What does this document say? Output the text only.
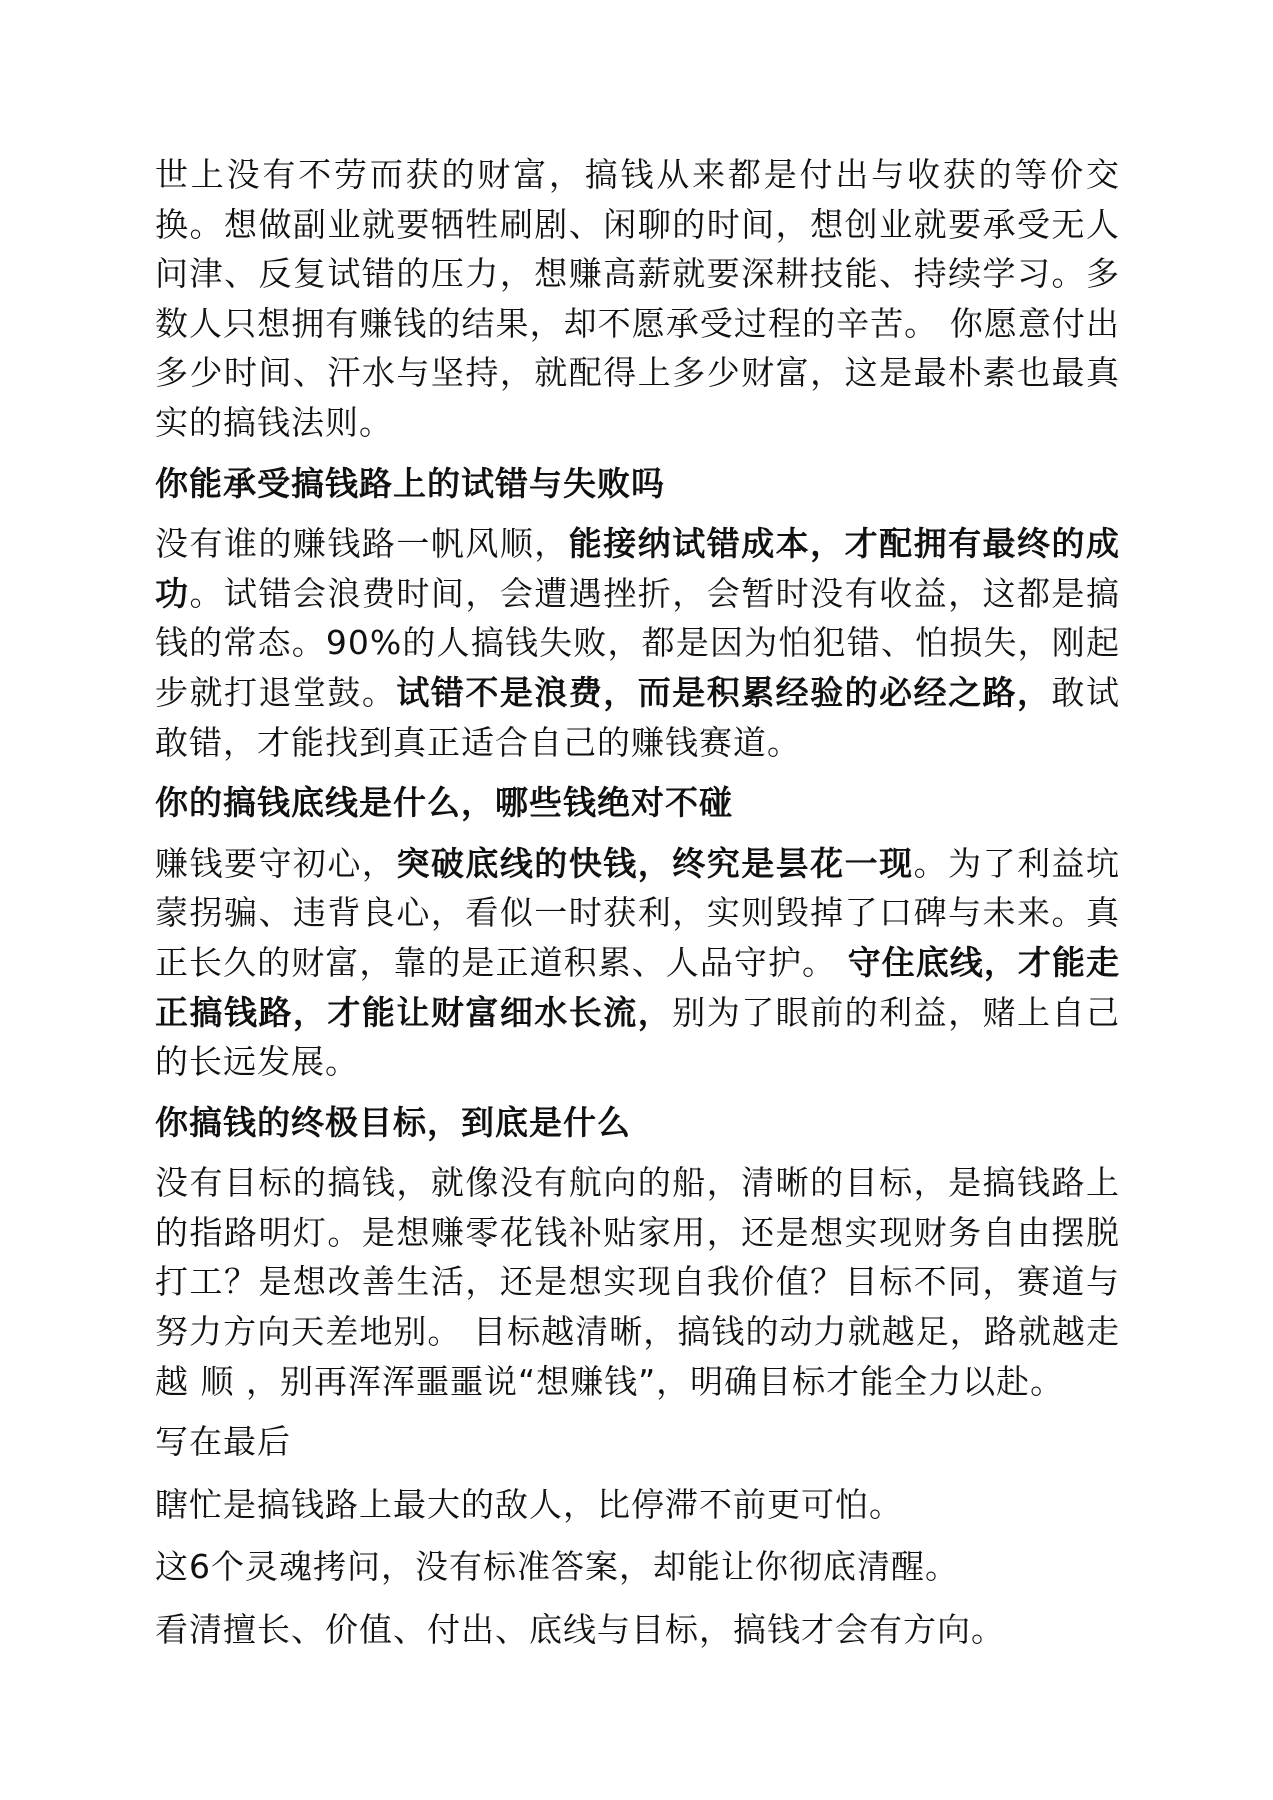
世上没有不劳而获的财富，搞钱从来都是付出与收获的等价交换。想做副业就要牺牲刷剧、闲聊的时间，想创业就要承受无人问津、反复试错的压力，想赚高薪就要深耕技能、持续学习。多数人只想拥有赚钱的结果，却不愿承受过程的辛苦。 你愿意付出多少时间、汗水与坚持，就配得上多少财富，这是最朴素也最真实的搞钱法则。

你能承受搞钱路上的试错与失败吗

没有谁的赚钱路一帆风顺，能接纳试错成本，才配拥有最终的成功。试错会浪费时间，会遭遇挫折，会暂时没有收益，这都是搞钱的常态。90%的人搞钱失败，都是因为怕犯错、怕损失，刚起步就打退堂鼓。试错不是浪费，而是积累经验的必经之路，敢试敢错，才能找到真正适合自己的赚钱赛道。

你的搞钱底线是什么，哪些钱绝对不碰

赚钱要守初心，突破底线的快钱，终究是昙花一现。为了利益坑蒙拐骗、违背良心，看似一时获利，实则毁掉了口碑与未来。真正长久的财富，靠的是正道积累、人品守护。 守住底线，才能走正搞钱路，才能让财富细水长流，别为了眼前的利益，赌上自己的长远发展。

你搞钱的终极目标，到底是什么

没有目标的搞钱，就像没有航向的船，清晰的目标，是搞钱路上的指路明灯。是想赚零花钱补贴家用，还是想实现财务自由摆脱打工？是想改善生活，还是想实现自我价值？目标不同，赛道与努力方向天差地别。 目标越清晰，搞钱的动力就越足，路就越走越 顺 ，别再浑浑噩噩说“想赚钱”，明确目标才能全力以赴。

写在最后
瞎忙是搞钱路上最大的敌人，比停滞不前更可怕。
这6个灵魂拷问，没有标准答案，却能让你彻底清醒。
看清擅长、价值、付出、底线与目标，搞钱才会有方向。
